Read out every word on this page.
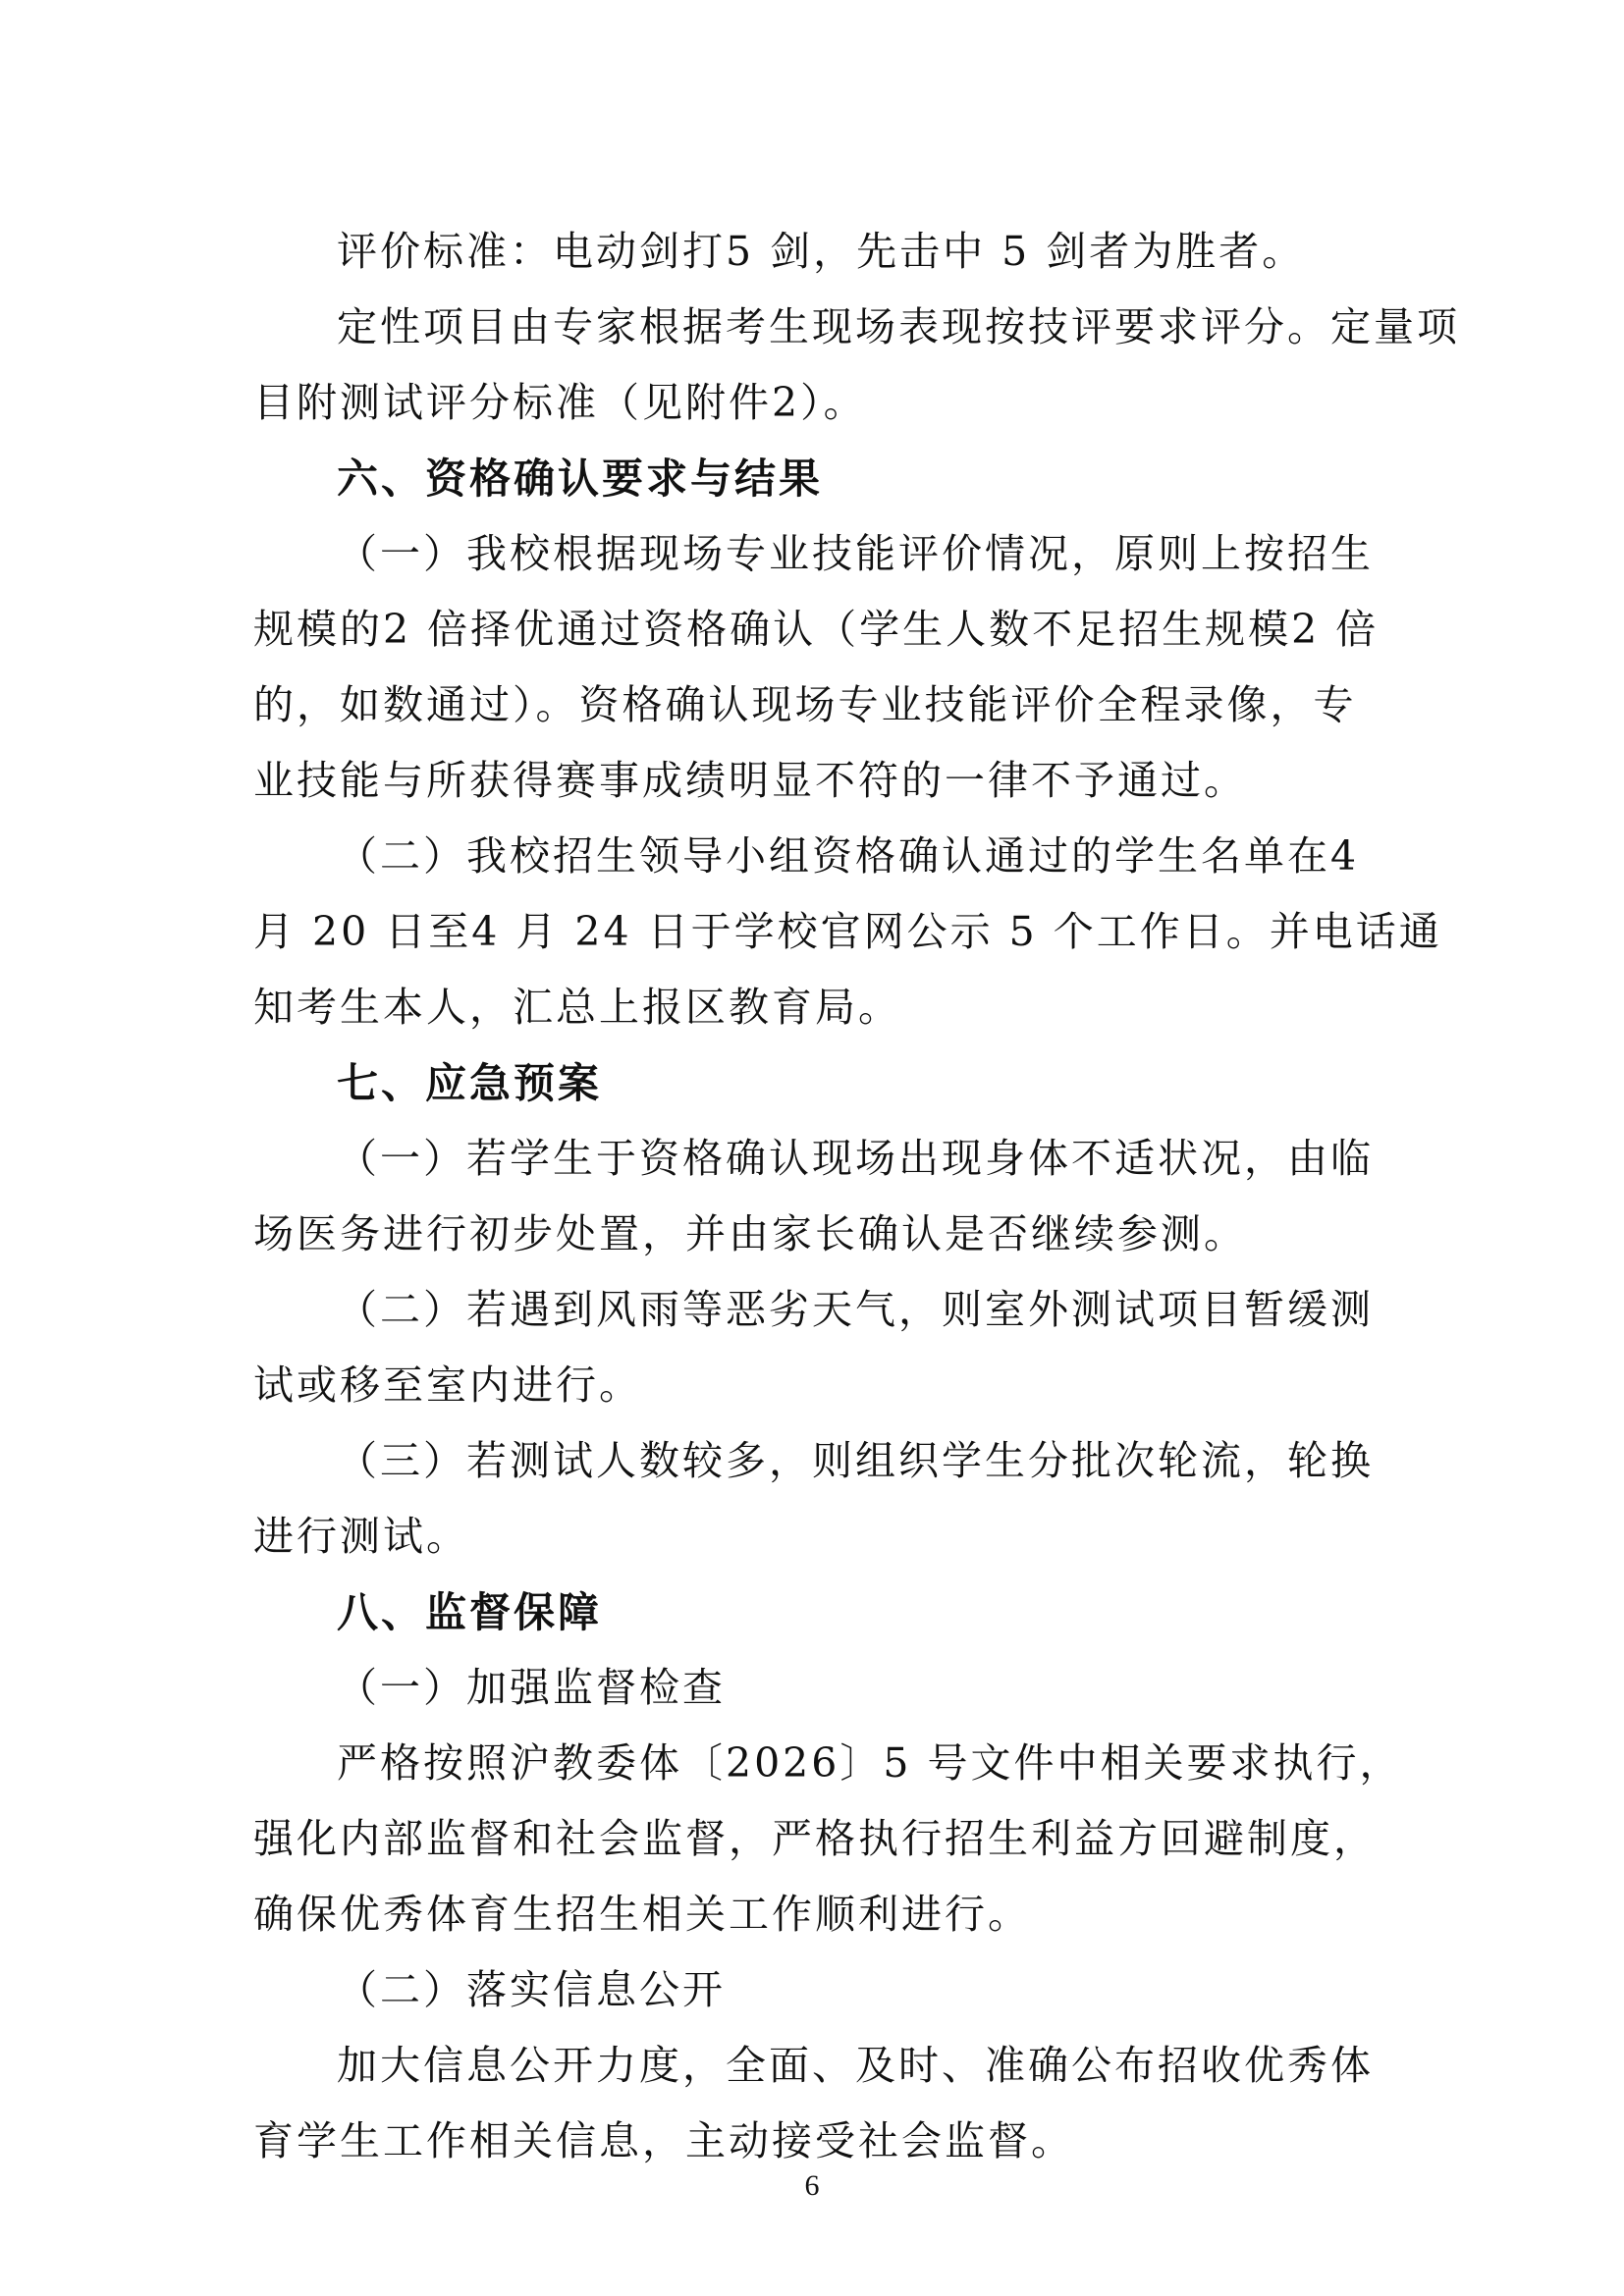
评价标准：电动剑打5 剑，先击中 5 剑者为胜者。
定性项目由专家根据考生现场表现按技评要求评分。定量项
目附测试评分标准（见附件2）。
六、资格确认要求与结果
（一）我校根据现场专业技能评价情况，原则上按招生
规模的2 倍择优通过资格确认（学生人数不足招生规模2 倍
的，如数通过）。资格确认现场专业技能评价全程录像，专
业技能与所获得赛事成绩明显不符的一律不予通过。
（二）我校招生领导小组资格确认通过的学生名单在4
月 20 日至4 月 24 日于学校官网公示 5 个工作日。并电话通
知考生本人，汇总上报区教育局。
七、应急预案
（一）若学生于资格确认现场出现身体不适状况，由临
场医务进行初步处置，并由家长确认是否继续参测。
（二）若遇到风雨等恶劣天气，则室外测试项目暂缓测
试或移至室内进行。
（三）若测试人数较多，则组织学生分批次轮流，轮换
进行测试。
八、监督保障
（一）加强监督检查
严格按照沪教委体〔2026〕5 号文件中相关要求执行，
强化内部监督和社会监督，严格执行招生利益方回避制度，
确保优秀体育生招生相关工作顺利进行。
（二）落实信息公开
加大信息公开力度，全面、及时、准确公布招收优秀体
育学生工作相关信息，主动接受社会监督。
6
